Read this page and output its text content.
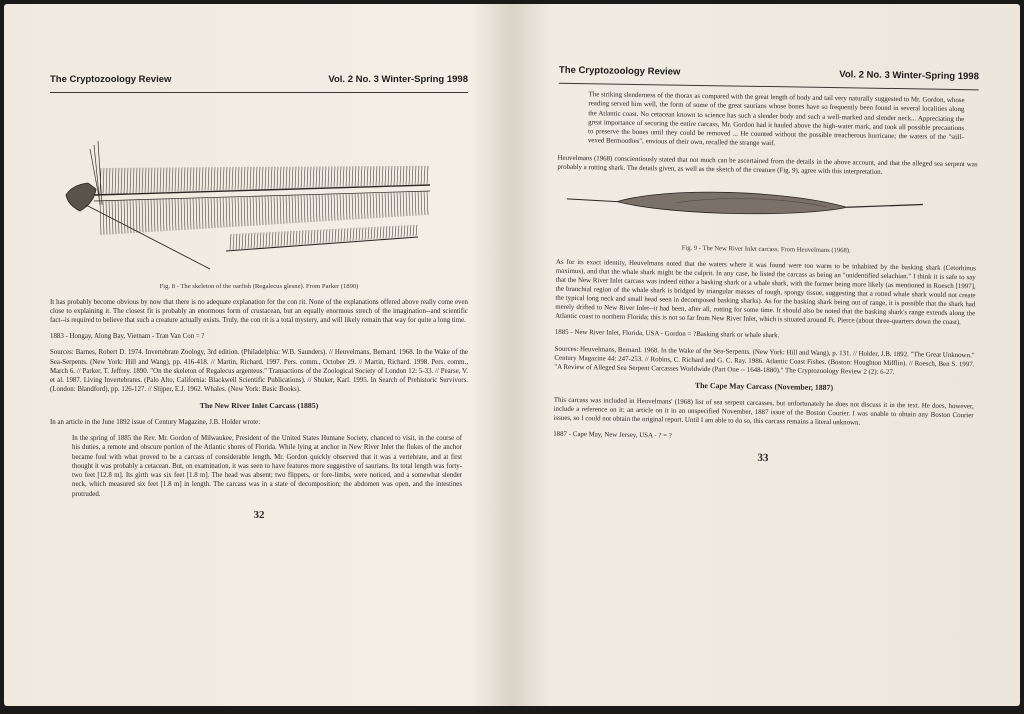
The Cryptozoology Review	Vol. 2 No. 3 Winter-Spring 1998
Fig. 8 - The skeleton of the oarfish (Regalecus glesne). From Parker (1890)

It has probably become obvious by now that there is no adequate explanation for the con rit. None of the explanations offered above really come even close to explaining it. The closest fit is probably an enormous form of crustacean, but an equally enormous strech of the imagination--and scientific fact--is required to believe that such a creature actually exists. Truly, the con rit is a total mystery, and will likely remain that way for quite a long time.

1883 - Hongay, Along Bay, Vietnam - Tran Van Con = ?

Sources: Barnes, Robert D. 1974. Invertebrate Zoology, 3rd edition. (Philadelphia: W.B. Saunders). // Heuvelmans, Bernard. 1968. In the Wake of the Sea-Serpents. (New York: Hill and Wang), pp. 416-418. // Martin, Richard. 1997. Pers. comm., October 29. // Martin, Richard. 1998. Pers. comm., March 6. // Parker, T. Jeffrey. 1890. "On the skeleton of Regalecus argenteus." Transactions of the Zoological Society of London 12: 5-33. // Pearse, V. et al. 1987. Living Invertebrates. (Palo Alto, California: Blackwell Scientific Publications). // Shuker, Karl. 1995. In Search of Prehistoric Survivors. (London: Blandford), pp. 126-127. // Slijper, E.J. 1962. Whales. (New York: Basic Books).

The New River Inlet Carcass (1885)

In an article in the June 1892 issue of Century Magazine, J.B. Holder wrote:

In the spring of 1885 the Rev. Mr. Gordon of Milwaukee, President of the United States Humane Society, chanced to visit, in the course of his duties, a remote and obscure portion of the Atlantic shores of Florida. While lying at anchor in New River Inlet the flukes of the anchor became foul with what proved to be a carcass of considerable length. Mr. Gordon quickly observed that it was a vertebrate, and at first thought it was probably a cetacean. But, on examination, it was seen to have features more suggestive of saurians. Its total length was forty-two feet [12.8 m]. Its girth was six feet [1.8 m]. The head was absent; two flippers, or fore-limbs, were noticed, and a somewhat slender neck, which measured six feet [1.8 m] in length. The carcass was in a state of decomposition; the abdomen was open, and the intestines protruded.
32
The Cryptozoology Review	Vol. 2 No. 3 Winter-Spring 1998
The striking slenderness of the thorax as compared with the great length of body and tail very naturally suggested to Mr. Gordon, whose reading served him well, the form of some of the great saurians whose bones have so frequently been found in several localities along the Atlantic coast. No cetacean known to science has such a slender body and such a well-marked and slender neck... Appreciating the great importance of securing the entire carcass, Mr. Gordon had it hauled above the high-water mark, and took all possible precautions to preserve the bones until they could be removed ... He counted without the possible treacherous hurricane; the waters of the "still-vexed Bermoothes", envious of their own, recalled the strange waif.

Heuvelmans (1968) conscientiously stated that not much can be ascertained from the details in the above account, and that the alleged sea serpent was probably a rotting shark. The details given, as well as the sketch of the creature (Fig. 9), agree with this interpretation.

Fig. 9 - The New River Inlet carcass. From Heuvelmans (1968).

As for its exact identity, Heuvelmans noted that the waters where it was found were too warm to be inhabited by the basking shark (Cetorhinus maximus), and that the whale shark might be the culprit. In any case, he listed the carcass as being an "unidentified selachian." I think it is safe to say that the New River Inlet carcass was indeed either a basking shark or a whale shark, with the former being more likely (as mentioned in Roesch [1997], the branchial region of the whale shark is bridged by triangular masses of tough, spongy tissue, suggesting that a rotted whale shark would not create the typical long neck and small head seen in decomposed basking sharks). As for the basking shark being out of range, it is possible that the shark had merely drifted to New River Inlet--it had been, after all, rotting for some time. It should also be noted that the basking shark's range extends along the Atlantic coast to northern Florida; this is not so far from New River Inlet, which is situated around Ft. Pierce (about three-quarters down the coast).

1885 - New River Inlet, Florida, USA - Gordon = ?Basking shark or whale shark.

Sources: Heuvelmans, Bernard. 1968. In the Wake of the Sea-Serpents. (New York: Hill and Wang), p. 131. // Holder, J.B. 1892. "The Great Unknown." Century Magazine 44: 247-253. // Robins, C. Richard and G. C. Ray. 1986. Atlantic Coast Fishes. (Boston: Houghton Mifflin). // Roesch, Ben S. 1997. "A Review of Alleged Sea Serpent Carcasses Worldwide (Part One -- 1648-1880)." The Cryptozoology Review 2 (2): 6-27.

The Cape May Carcass (November, 1887)

This carcass was included in Heuvelmans' (1968) list of sea serpent carcasses, but unfortunately he does not discuss it in the text. He does, however, include a reference on it: an article on it in an unspecified November, 1887 issue of the Boston Courier. I was unable to obtain any Boston Courier issues, so I could not obtain the original report. Until I am able to do so, this carcass remains a literal unknown.

1887 - Cape May, New Jersey, USA - ? = ?

33
